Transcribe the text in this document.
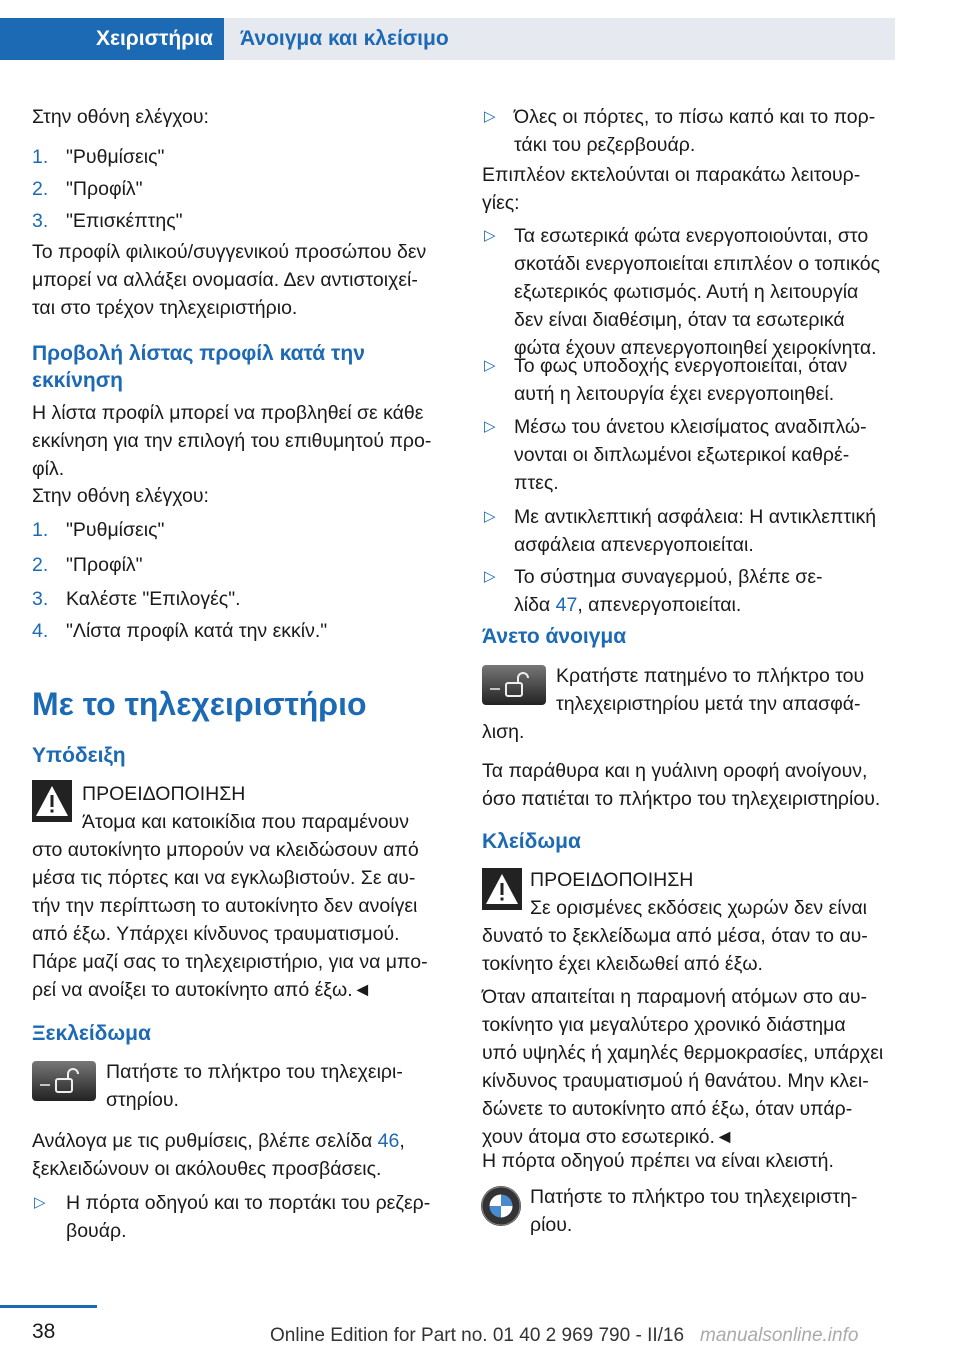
Χειριστήρια	Άνοιγμα και κλείσιμο

Στην οθόνη ελέγχου:

1. "Ρυθμίσεις"
2. "Προφίλ"
3. "Επισκέπτης"
Το προφίλ φιλικού/συγγενικού προσώπου δεν
μπορεί να αλλάξει ονομασία. Δεν αντιστοιχεί-
ται στο τρέχον τηλεχειριστήριο.
Προβολή λίστας προφίλ κατά την
εκκίνηση
Η λίστα προφίλ μπορεί να προβληθεί σε κάθε
εκκίνηση για την επιλογή του επιθυμητού προ-
φίλ.
Στην οθόνη ελέγχου:
1. "Ρυθμίσεις"
2. "Προφίλ"
3. Καλέστε "Επιλογές".
4. "Λίστα προφίλ κατά την εκκίν."
Με το τηλεχειριστήριο
Υπόδειξη
ΠΡΟΕΙΔΟΠΟΙΗΣΗ
Άτομα και κατοικίδια που παραμένουν
στο αυτοκίνητο μπορούν να κλειδώσουν από
μέσα τις πόρτες και να εγκλωβιστούν. Σε αυ-
τήν την περίπτωση το αυτοκίνητο δεν ανοίγει
από έξω. Υπάρχει κίνδυνος τραυματισμού.
Πάρε μαζί σας το τηλεχειριστήριο, για να μπο-
ρεί να ανοίξει το αυτοκίνητο από έξω.◄
Ξεκλείδωμα
Πατήστε το πλήκτρο του τηλεχειρι-
στηρίου.
Ανάλογα με τις ρυθμίσεις, βλέπε σελίδα 46,
ξεκλειδώνουν οι ακόλουθες προσβάσεις.
▷ Η πόρτα οδηγού και το πορτάκι του ρεζερ-
βουάρ.
▷ Όλες οι πόρτες, το πίσω καπό και το πορ-
τάκι του ρεζερβουάρ.
Επιπλέον εκτελούνται οι παρακάτω λειτουρ-
γίες:
▷ Τα εσωτερικά φώτα ενεργοποιούνται, στο
σκοτάδι ενεργοποιείται επιπλέον ο τοπικός
εξωτερικός φωτισμός. Αυτή η λειτουργία
δεν είναι διαθέσιμη, όταν τα εσωτερικά
φώτα έχουν απενεργοποιηθεί χειροκίνητα.
▷ Το φως υποδοχής ενεργοποιείται, όταν
αυτή η λειτουργία έχει ενεργοποιηθεί.
▷ Μέσω του άνετου κλεισίματος αναδιπλώ-
νονται οι διπλωμένοι εξωτερικοί καθρέ-
πτες.
▷ Με αντικλεπτική ασφάλεια: Η αντικλεπτική
ασφάλεια απενεργοποιείται.
▷ Το σύστημα συναγερμού, βλέπε σε-
λίδα 47, απενεργοποιείται.
Άνετο άνοιγμα
Κρατήστε πατημένο το πλήκτρο του
τηλεχειριστηρίου μετά την απασφά-
λιση.
Τα παράθυρα και η γυάλινη οροφή ανοίγουν,
όσο πατιέται το πλήκτρο του τηλεχειριστηρίου.
Κλείδωμα
ΠΡΟΕΙΔΟΠΟΙΗΣΗ
Σε ορισμένες εκδόσεις χωρών δεν είναι
δυνατό το ξεκλείδωμα από μέσα, όταν το αυ-
τοκίνητο έχει κλειδωθεί από έξω.
Όταν απαιτείται η παραμονή ατόμων στο αυ-
τοκίνητο για μεγαλύτερο χρονικό διάστημα
υπό υψηλές ή χαμηλές θερμοκρασίες, υπάρχει
κίνδυνος τραυματισμού ή θανάτου. Μην κλει-
δώνετε το αυτοκίνητο από έξω, όταν υπάρ-
χουν άτομα στο εσωτερικό.◄
Η πόρτα οδηγού πρέπει να είναι κλειστή.
Πατήστε το πλήκτρο του τηλεχειριστη-
ρίου.
38	Online Edition for Part no. 01 40 2 969 790 - II/16 manualsonline.info
